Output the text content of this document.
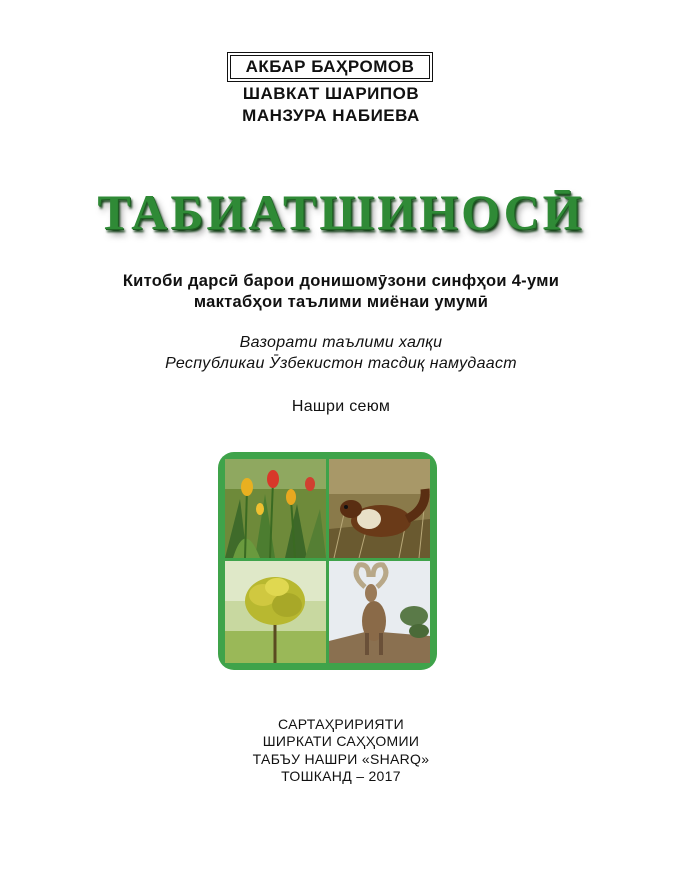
АКБАР БАҲРОМОВ
ШАВКАТ ШАРИПОВ
МАНЗУРА НАБИЕВА
ТАБИАТШИНОСӢ
Китоби дарсӣ барои донишомӯзони синфҳои 4-уми
мактабҳои таълими миёнаи умумӣ
Вазорати таълими халқи
Республикаи Ӯзбекистон тасдиқ намудааст
Нашри сеюм
САРТАҲРИРИЯТИ
ШИРКАТИ САҲҲОМИИ
ТАБЪУ НАШРИ «SHARQ»
ТОШКАНД – 2017
